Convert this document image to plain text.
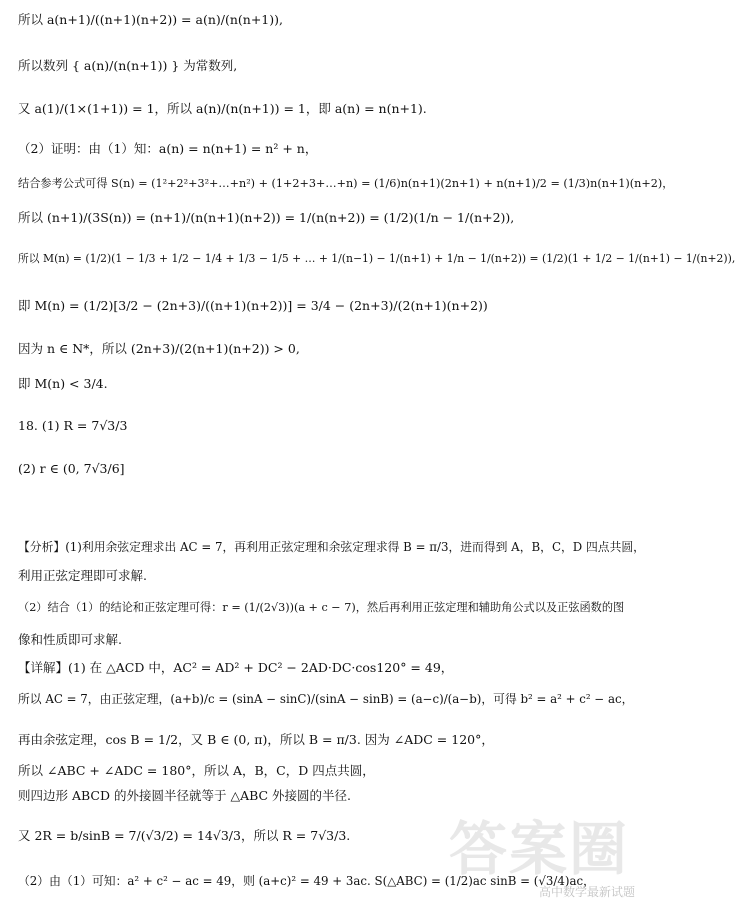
所以 a(n+1)/((n+1)(n+2)) = a(n)/(n(n+1)),
所以数列 { a(n)/(n(n+1)) } 为常数列,
又 a(1)/(1×(1+1)) = 1，所以 a(n)/(n(n+1)) = 1，即 a(n) = n(n+1).
（2）证明：由（1）知：a(n) = n(n+1) = n² + n，
结合参考公式可得 S(n) = (1²+2²+3²+…+n²) + (1+2+3+…+n) = (1/6)n(n+1)(2n+1) + n(n+1)/2 = (1/3)n(n+1)(n+2)，
所以 (n+1)/(3S(n)) = (n+1)/(n(n+1)(n+2)) = 1/(n(n+2)) = (1/2)(1/n − 1/(n+2)),
所以 M(n) = (1/2)(1 − 1/3 + 1/2 − 1/4 + 1/3 − 1/5 + … + 1/(n−1) − 1/(n+1) + 1/n − 1/(n+2)) = (1/2)(1 + 1/2 − 1/(n+1) − 1/(n+2)),
即 M(n) = (1/2)[3/2 − (2n+3)/((n+1)(n+2))] = 3/4 − (2n+3)/(2(n+1)(n+2))
因为 n ∈ N*，所以 (2n+3)/(2(n+1)(n+2)) > 0,
即 M(n) < 3/4.
18. (1) R = 7√3/3
(2) r ∈ (0, 7√3/6]
【分析】(1)利用余弦定理求出 AC = 7，再利用正弦定理和余弦定理求得 B = π/3，进而得到 A，B，C，D 四点共圆，
利用正弦定理即可求解.
（2）结合（1）的结论和正弦定理可得：r = (1/(2√3))(a + c − 7)，然后再利用正弦定理和辅助角公式以及正弦函数的图
像和性质即可求解.
【详解】(1) 在 △ACD 中，AC² = AD² + DC² − 2AD·DC·cos120° = 49，
所以 AC = 7，由正弦定理，(a+b)/c = (sinA − sinC)/(sinA − sinB) = (a−c)/(a−b)，可得 b² = a² + c² − ac，
再由余弦定理，cos B = 1/2，又 B ∈ (0, π)，所以 B = π/3. 因为 ∠ADC = 120°，
所以 ∠ABC + ∠ADC = 180°，所以 A，B，C，D 四点共圆，
则四边形 ABCD 的外接圆半径就等于 △ABC 外接圆的半径.
又 2R = b/sinB = 7/(√3/2) = 14√3/3，所以 R = 7√3/3.
（2）由（1）可知：a² + c² − ac = 49，则 (a+c)² = 49 + 3ac. S(△ABC) = (1/2)ac sinB = (√3/4)ac，
答案圈
高中数学最新试题
